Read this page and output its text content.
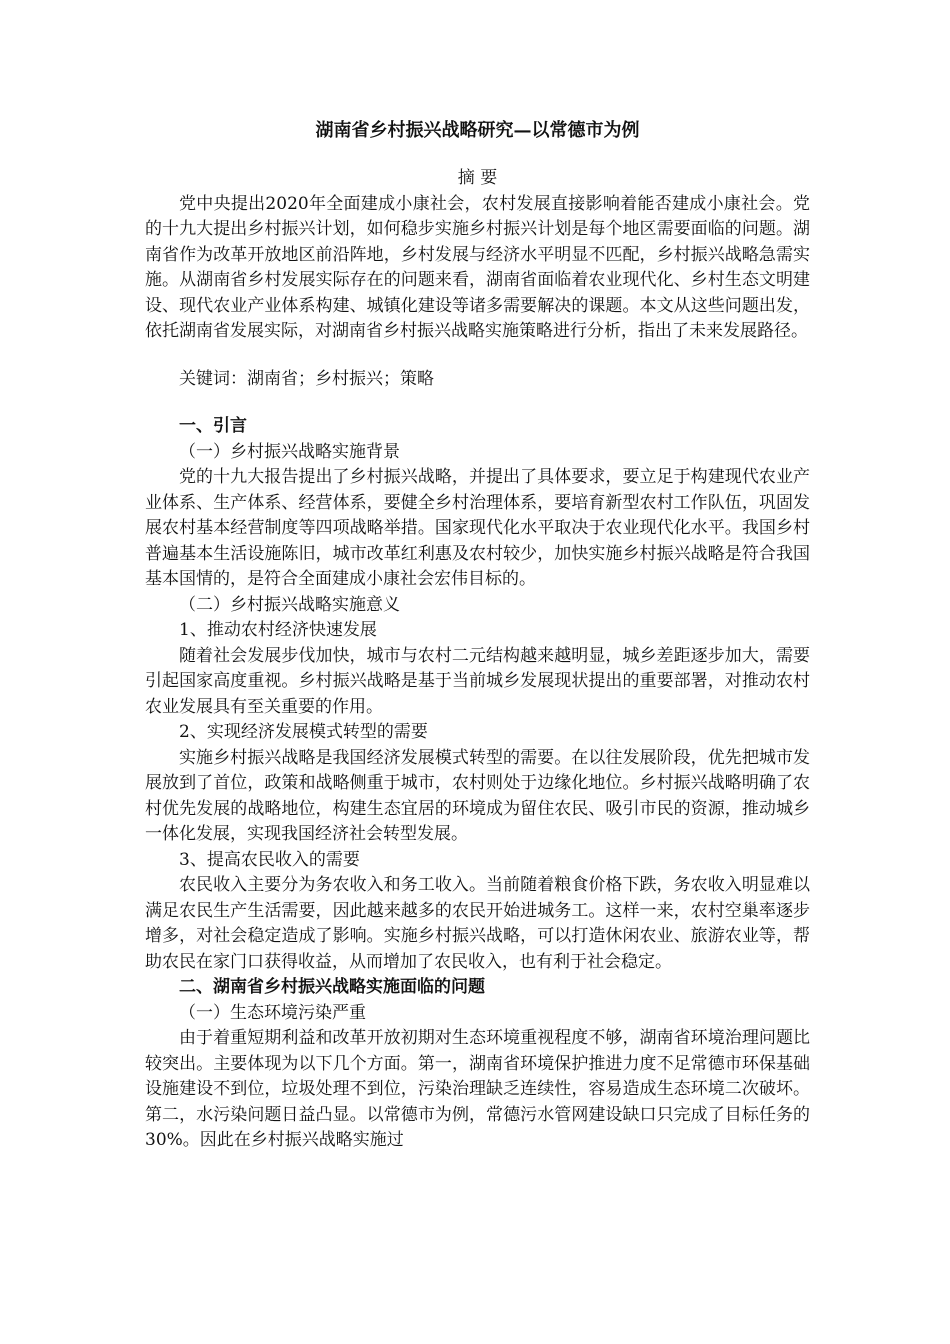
湖南省乡村振兴战略研究—以常德市为例

摘 要

党中央提出2020年全面建成小康社会，农村发展直接影响着能否建成小康社会。党的十九大提出乡村振兴计划，如何稳步实施乡村振兴计划是每个地区需要面临的问题。湖南省作为改革开放地区前沿阵地，乡村发展与经济水平明显不匹配，乡村振兴战略急需实施。从湖南省乡村发展实际存在的问题来看，湖南省面临着农业现代化、乡村生态文明建设、现代农业产业体系构建、城镇化建设等诸多需要解决的课题。本文从这些问题出发，依托湖南省发展实际，对湖南省乡村振兴战略实施策略进行分析，指出了未来发展路径。

关键词：湖南省；乡村振兴；策略

一、引言

（一）乡村振兴战略实施背景

党的十九大报告提出了乡村振兴战略，并提出了具体要求，要立足于构建现代农业产业体系、生产体系、经营体系，要健全乡村治理体系，要培育新型农村工作队伍，巩固发展农村基本经营制度等四项战略举措。国家现代化水平取决于农业现代化水平。我国乡村普遍基本生活设施陈旧，城市改革红利惠及农村较少，加快实施乡村振兴战略是符合我国基本国情的，是符合全面建成小康社会宏伟目标的。

（二）乡村振兴战略实施意义

1、推动农村经济快速发展

随着社会发展步伐加快，城市与农村二元结构越来越明显，城乡差距逐步加大，需要引起国家高度重视。乡村振兴战略是基于当前城乡发展现状提出的重要部署，对推动农村农业发展具有至关重要的作用。

2、实现经济发展模式转型的需要

实施乡村振兴战略是我国经济发展模式转型的需要。在以往发展阶段，优先把城市发展放到了首位，政策和战略侧重于城市，农村则处于边缘化地位。乡村振兴战略明确了农村优先发展的战略地位，构建生态宜居的环境成为留住农民、吸引市民的资源，推动城乡一体化发展，实现我国经济社会转型发展。

3、提高农民收入的需要

农民收入主要分为务农收入和务工收入。当前随着粮食价格下跌，务农收入明显难以满足农民生产生活需要，因此越来越多的农民开始进城务工。这样一来，农村空巢率逐步增多，对社会稳定造成了影响。实施乡村振兴战略，可以打造休闲农业、旅游农业等，帮助农民在家门口获得收益，从而增加了农民收入，也有利于社会稳定。

二、湖南省乡村振兴战略实施面临的问题

（一）生态环境污染严重

由于着重短期利益和改革开放初期对生态环境重视程度不够，湖南省环境治理问题比较突出。主要体现为以下几个方面。第一，湖南省环境保护推进力度不足常德市环保基础设施建设不到位，垃圾处理不到位，污染治理缺乏连续性，容易造成生态环境二次破坏。第二，水污染问题日益凸显。以常德市为例，常德污水管网建设缺口只完成了目标任务的30%。因此在乡村振兴战略实施过
